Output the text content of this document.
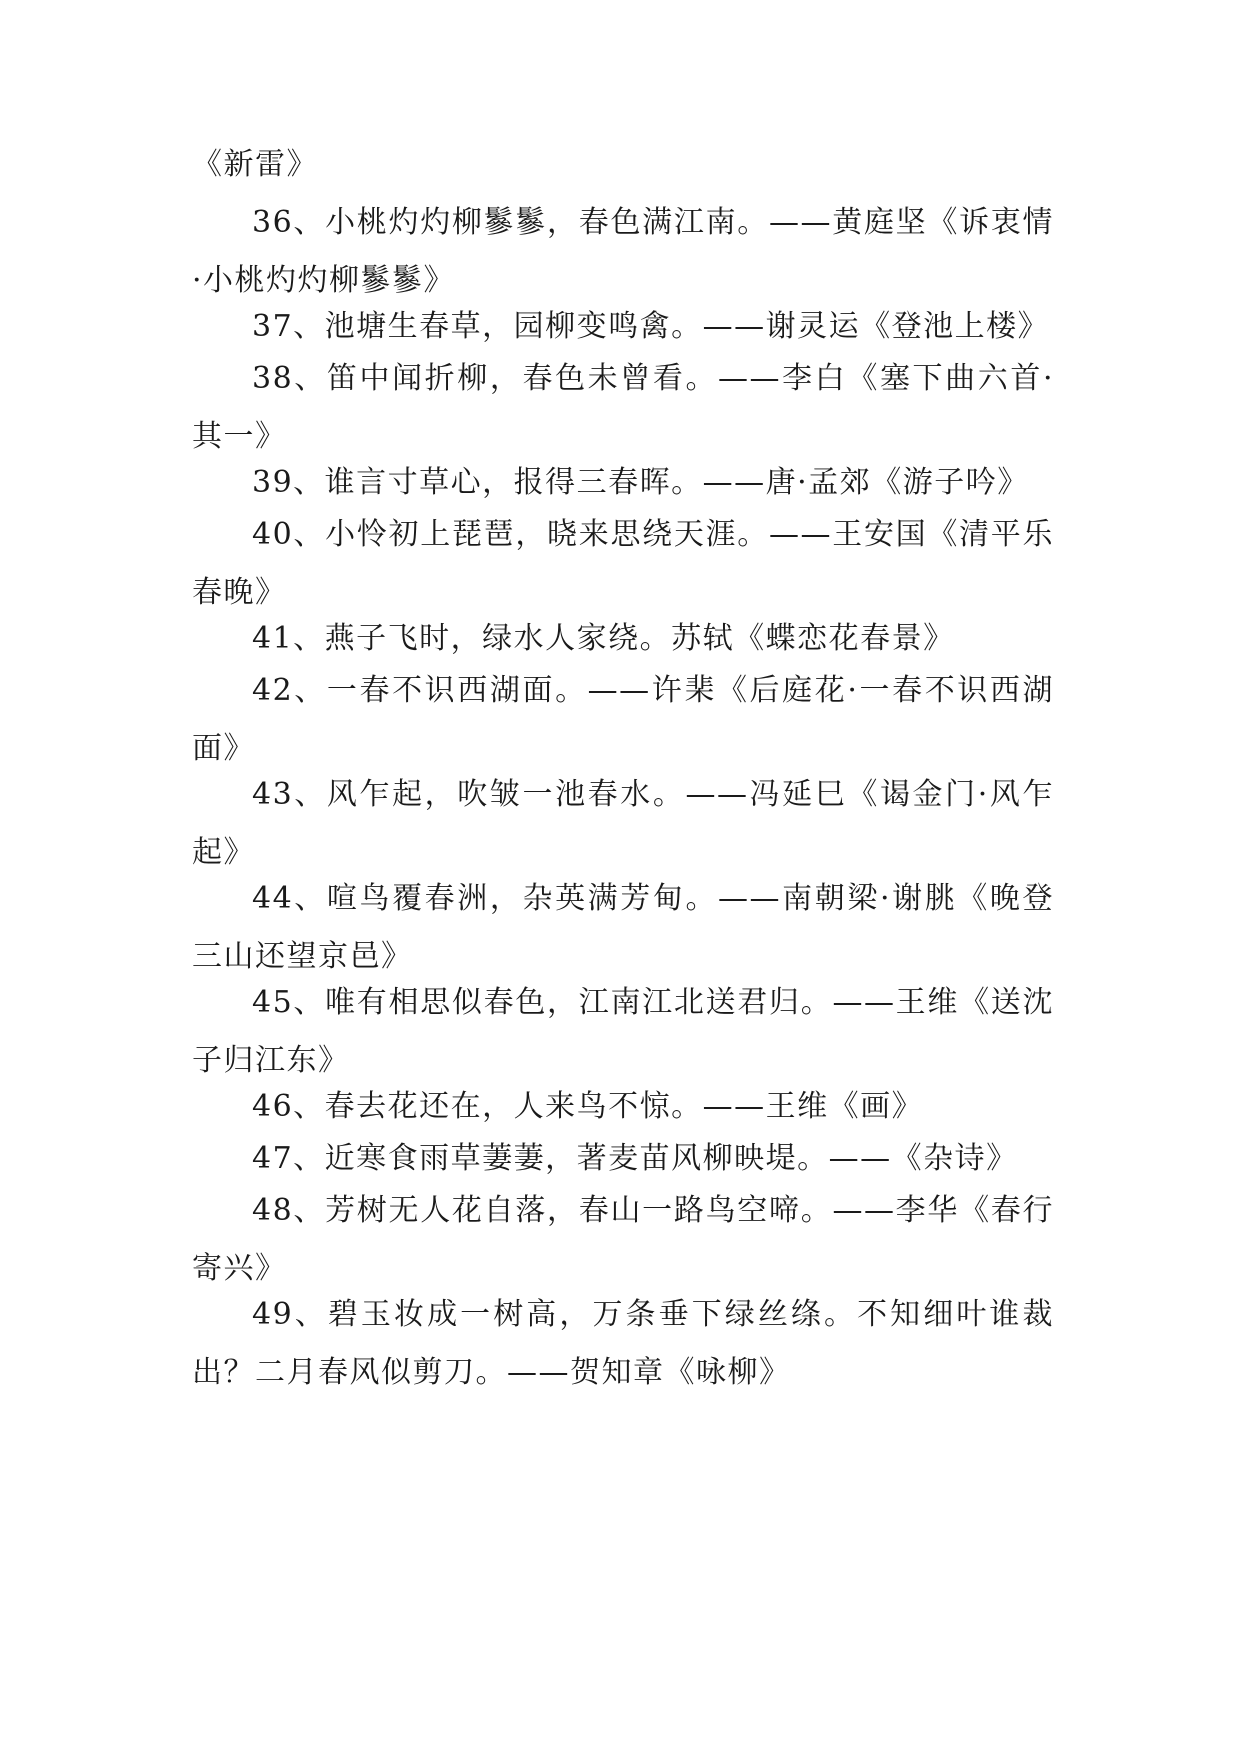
《新雷》

36、小桃灼灼柳鬖鬖，春色满江南。——黄庭坚《诉衷情·小桃灼灼柳鬖鬖》

37、池塘生春草，园柳变鸣禽。——谢灵运《登池上楼》

38、笛中闻折柳，春色未曾看。——李白《塞下曲六首·其一》

39、谁言寸草心，报得三春晖。——唐·孟郊《游子吟》

40、小怜初上琵琶，晓来思绕天涯。——王安国《清平乐春晚》

41、燕子飞时，绿水人家绕。苏轼《蝶恋花春景》

42、一春不识西湖面。——许棐《后庭花·一春不识西湖面》

43、风乍起，吹皱一池春水。——冯延巳《谒金门·风乍起》

44、喧鸟覆春洲，杂英满芳甸。——南朝梁·谢朓《晚登三山还望京邑》

45、唯有相思似春色，江南江北送君归。——王维《送沈子归江东》

46、春去花还在，人来鸟不惊。——王维《画》

47、近寒食雨草萋萋，著麦苗风柳映堤。——《杂诗》

48、芳树无人花自落，春山一路鸟空啼。——李华《春行寄兴》

49、碧玉妆成一树高，万条垂下绿丝绦。不知细叶谁裁出？二月春风似剪刀。——贺知章《咏柳》
